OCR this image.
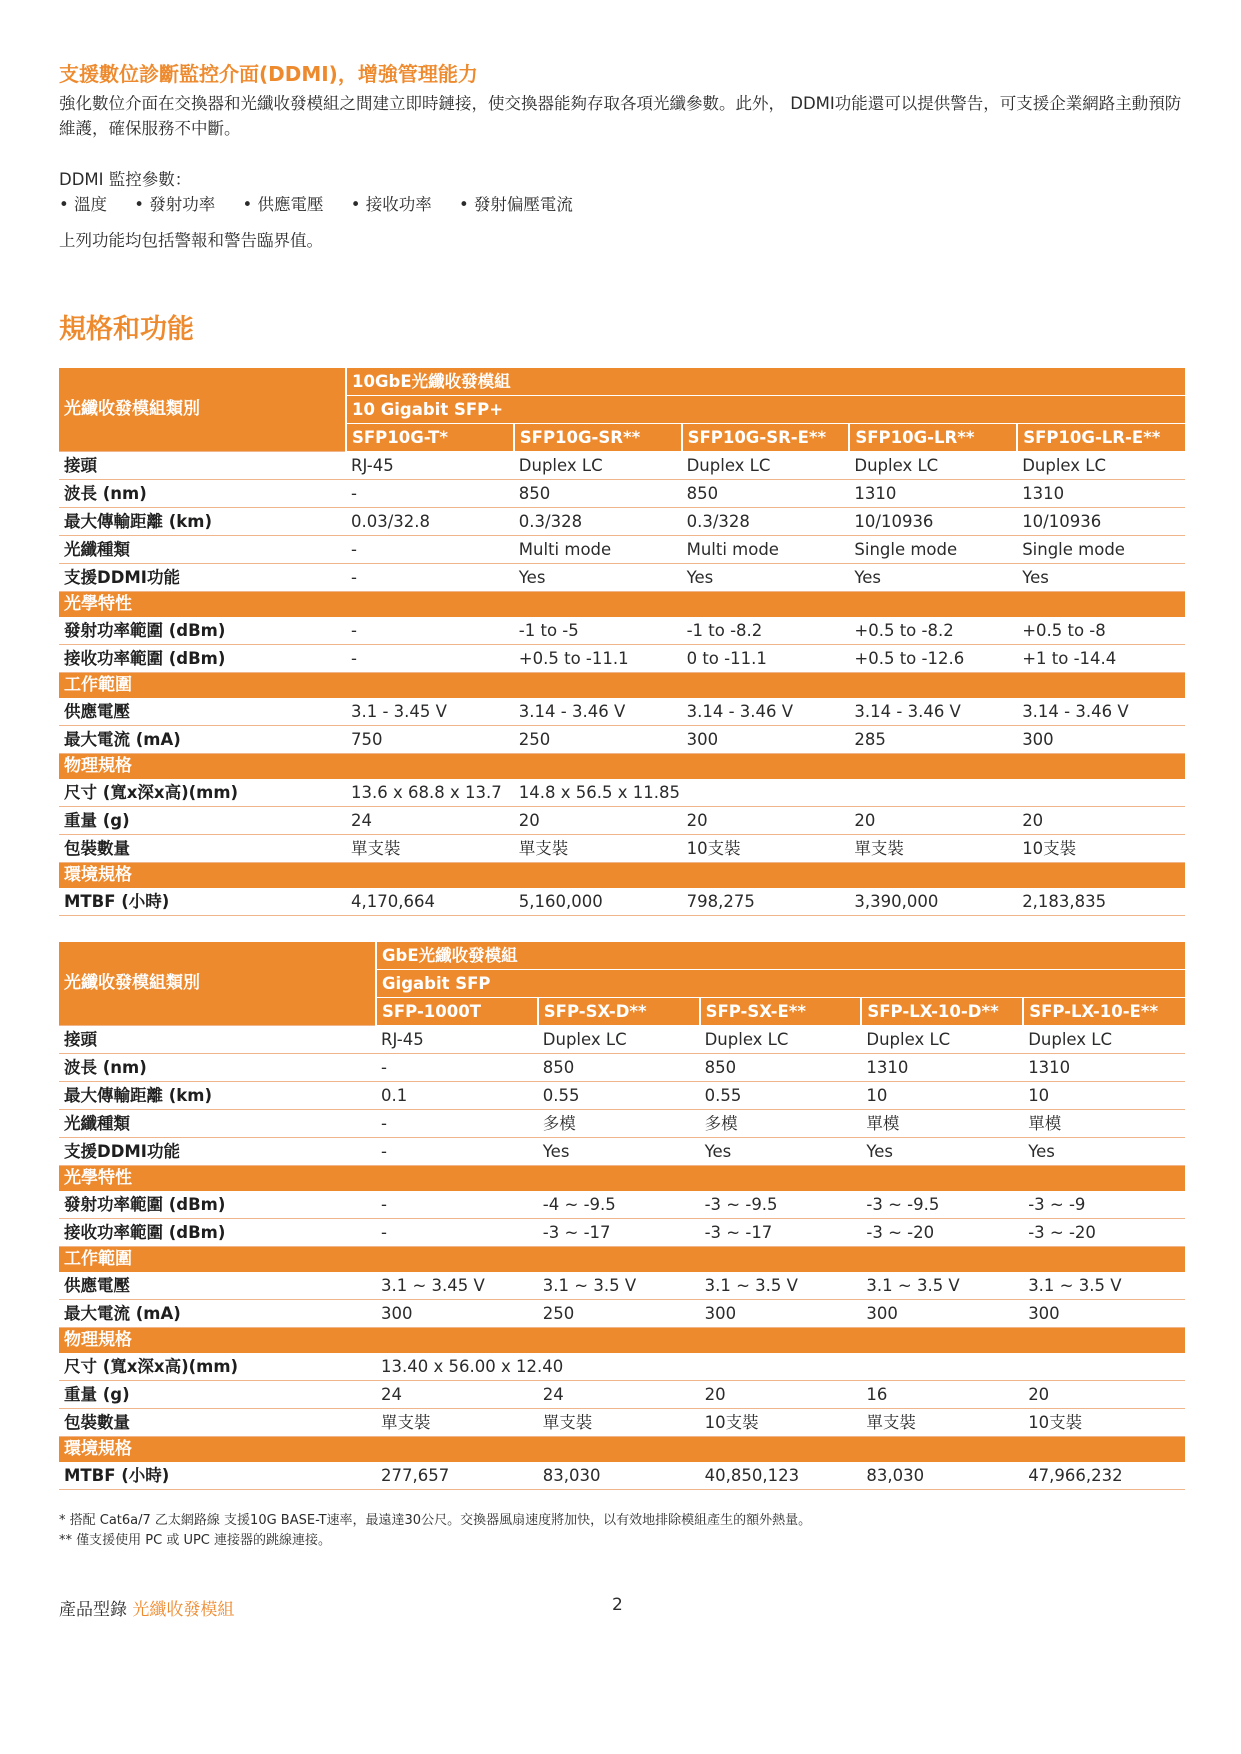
支援數位診斷監控介面(DDMI)，增強管理能力

強化數位介面在交換器和光纖收發模組之間建立即時鏈接，使交換器能夠存取各項光纖參數。此外， DDMI功能還可以提供警告，可支援企業網路主動預防維護，確保服務不中斷。

DDMI 監控參數：

• 溫度	• 發射功率	• 供應電壓	• 接收功率	• 發射偏壓電流

上列功能均包括警報和警告臨界值。

規格和功能
光纖收發模組類別	10GbE光纖收發模組				
	10 Gigabit SFP+				
	SFP10G-T*	SFP10G-SR**	SFP10G-SR-E**	SFP10G-LR**	SFP10G-LR-E**
接頭	RJ-45	Duplex LC	Duplex LC	Duplex LC	Duplex LC
波長 (nm)	-	850	850	1310	1310
最大傳輸距離 (km)	0.03/32.8	0.3/328	0.3/328	10/10936	10/10936
光纖種類	-	Multi mode	Multi mode	Single mode	Single mode
支援DDMI功能	-	Yes	Yes	Yes	Yes
光學特性					
發射功率範圍 (dBm)	-	-1 to -5	-1 to -8.2	+0.5 to -8.2	+0.5 to -8
接收功率範圍 (dBm)	-	+0.5 to -11.1	0 to -11.1	+0.5 to -12.6	+1 to -14.4
工作範圍					
供應電壓	3.1 - 3.45 V	3.14 - 3.46 V	3.14 - 3.46 V	3.14 - 3.46 V	3.14 - 3.46 V
最大電流 (mA)	750	250	300	285	300
物理規格					
尺寸 (寬x深x高)(mm)	13.6 x 68.8 x 13.7	14.8 x 56.5 x 11.85			
重量 (g)	24	20	20	20	20
包裝數量	單支裝	單支裝	10支裝	單支裝	10支裝
環境規格					
MTBF (小時)	4,170,664	5,160,000	798,275	3,390,000	2,183,835
光纖收發模組類別	GbE光纖收發模組				
	Gigabit SFP				
	SFP-1000T	SFP-SX-D**	SFP-SX-E**	SFP-LX-10-D**	SFP-LX-10-E**
接頭	RJ-45	Duplex LC	Duplex LC	Duplex LC	Duplex LC
波長 (nm)	-	850	850	1310	1310
最大傳輸距離 (km)	0.1	0.55	0.55	10	10
光纖種類	-	多模	多模	單模	單模
支援DDMI功能	-	Yes	Yes	Yes	Yes
光學特性					
發射功率範圍 (dBm)	-	-4 ~ -9.5	-3 ~ -9.5	-3 ~ -9.5	-3 ~ -9
接收功率範圍 (dBm)	-	-3 ~ -17	-3 ~ -17	-3 ~ -20	-3 ~ -20
工作範圍					
供應電壓	3.1 ~ 3.45 V	3.1 ~ 3.5 V	3.1 ~ 3.5 V	3.1 ~ 3.5 V	3.1 ~ 3.5 V
最大電流 (mA)	300	250	300	300	300
物理規格					
尺寸 (寬x深x高)(mm)	13.40 x 56.00 x 12.40				
重量 (g)	24	24	20	16	20
包裝數量	單支裝	單支裝	10支裝	單支裝	10支裝
環境規格					
MTBF (小時)	277,657	83,030	40,850,123	83,030	47,966,232

* 搭配 Cat6a/7 乙太網路線 支援10G BASE-T速率，最遠達30公尺。交換器風扇速度將加快，以有效地排除模組產生的額外熱量。

** 僅支援使用 PC 或 UPC 連接器的跳線連接。

產品型錄 光纖收發模組	2
